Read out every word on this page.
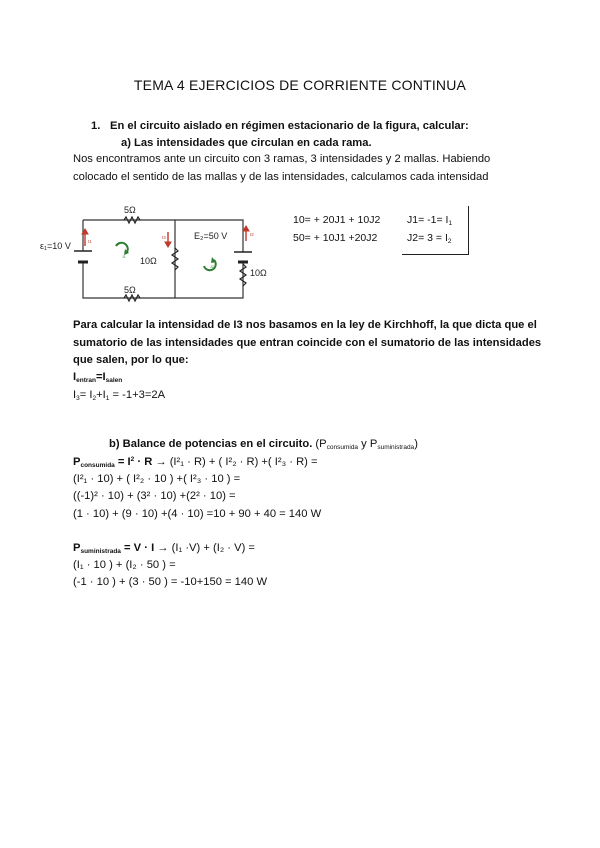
TEMA 4 EJERCICIOS DE CORRIENTE CONTINUA
1. En el circuito aislado en régimen estacionario de la figura, calcular:
a) Las intensidades que circulan en cada rama.
Nos encontramos ante un circuito con 3 ramas, 3 intensidades y 2 mallas. Habiendo
colocado el sentido de las mallas y de las intensidades, calculamos cada intensidad
5Ω
5Ω
10Ω
10Ω
ε₁=10 V
E₂=50 V
I1
I3
I2
J1
J2
10= + 20J1 + 10J2
50= + 10J1 +20J2
J1= -1= I1
J2= 3 = I2
Para calcular la intensidad de I3 nos basamos en la ley de Kirchhoff, la que dicta que el
sumatorio de las intensidades que entran coincide con el sumatorio de las intensidades
que salen, por lo que:
Ientran=Isalen
I3= I2+I1 = -1+3=2A
b) Balance de potencias en el circuito. (Pconsumida y Psuministrada)
Pconsumida = $I^2 \cdot R \to (I^2_1 \cdot R)$ + ( I²₂ · R) +( I²₃ · R) =
(I²₁ · 10) + ( I²₂ · 10 ) +( I²₃ · 10 ) =
((-1)² · 10) + (3² · 10) +(2² · 10) =
(1 · 10) + (9 · 10) +(4 · 10) =10 + 90 + 40 = 140 W
Psuministrada = V · I → (I₁ ·V) + (I₂ · V) =
(I₁ · 10 ) + (I₂ · 50 ) =
(-1 · 10 ) + (3 · 50 ) = -10+150 = 140 W
